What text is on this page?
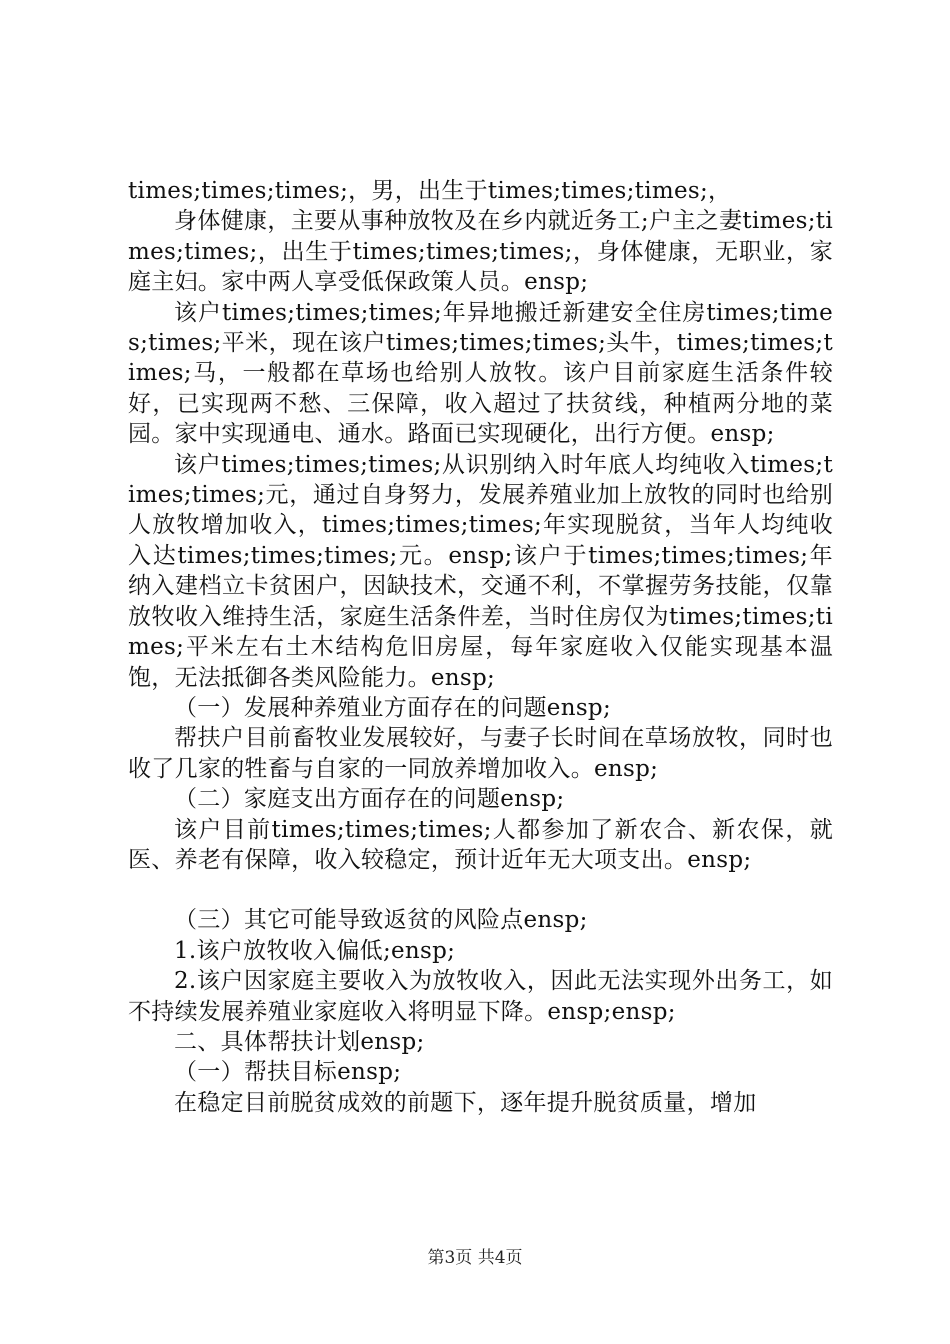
times;times;times;，男，出生于times;times;times;，

身体健康，主要从事种放牧及在乡内就近务工;户主之妻times;times;times;，出生于times;times;times;，身体健康，无职业，家庭主妇。家中两人享受低保政策人员。ensp;

该户times;times;times;年异地搬迁新建安全住房times;times;times;平米，现在该户times;times;times;头牛，times;times;times;马，一般都在草场也给别人放牧。该户目前家庭生活条件较好，已实现两不愁、三保障，收入超过了扶贫线，种植两分地的菜园。家中实现通电、通水。路面已实现硬化，出行方便。ensp;

该户times;times;times;从识别纳入时年底人均纯收入times;times;times;元，通过自身努力，发展养殖业加上放牧的同时也给别人放牧增加收入，times;times;times;年实现脱贫，当年人均纯收入达times;times;times;元。ensp;该户于times;times;times;年纳入建档立卡贫困户，因缺技术，交通不利，不掌握劳务技能，仅靠放牧收入维持生活，家庭生活条件差，当时住房仅为times;times;times;平米左右土木结构危旧房屋，每年家庭收入仅能实现基本温饱，无法抵御各类风险能力。ensp;

（一）发展种养殖业方面存在的问题ensp;

帮扶户目前畜牧业发展较好，与妻子长时间在草场放牧，同时也收了几家的牲畜与自家的一同放养增加收入。ensp;

（二）家庭支出方面存在的问题ensp;

该户目前times;times;times;人都参加了新农合、新农保，就医、养老有保障，收入较稳定，预计近年无大项支出。ensp;

（三）其它可能导致返贫的风险点ensp;

1.该户放牧收入偏低;ensp;

2.该户因家庭主要收入为放牧收入，因此无法实现外出务工，如不持续发展养殖业家庭收入将明显下降。ensp;ensp;

二、具体帮扶计划ensp;

（一）帮扶目标ensp;

在稳定目前脱贫成效的前题下，逐年提升脱贫质量，增加

第3页 共4页
